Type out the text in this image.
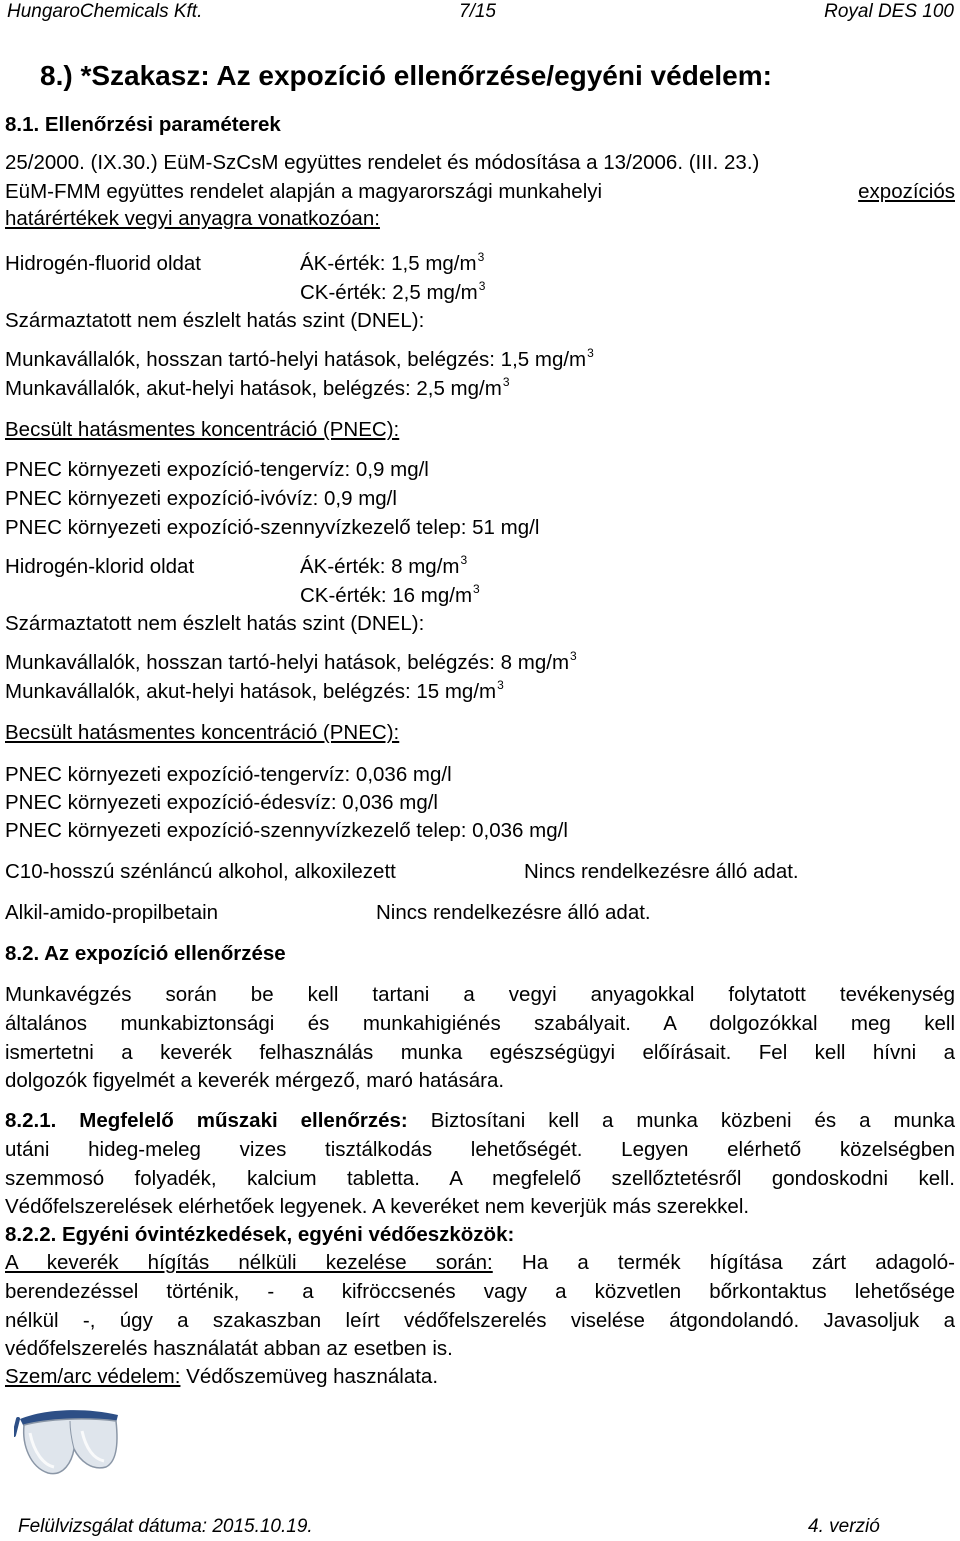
HungaroChemicals Kft.	7/15	Royal DES 100
8.) *Szakasz: Az expozíció ellenőrzése/egyéni védelem:
8.1. Ellenőrzési paraméterek
25/2000. (IX.30.) EüM-SzCsM együttes rendelet és módosítása a 13/2006. (III. 23.)
EüM-FMM együttes rendelet alapján a magyarországi munkahelyi	expozíciós
határértékek vegyi anyagra vonatkozóan:
Hidrogén-fluorid oldat	ÁK-érték: 1,5 $mg/m^3$
CK-érték: 2,5 $mg/m^3$
Származtatott nem észlelt hatás szint (DNEL):
Munkavállalók, hosszan tartó-helyi hatások, belégzés: 1,5 $mg/m^3$
Munkavállalók, akut-helyi hatások, belégzés: 2,5 $mg/m^3$
Becsült hatásmentes koncentráció (PNEC):
PNEC környezeti expozíció-tengervíz: 0,9 mg/l
PNEC környezeti expozíció-ivóvíz: 0,9 mg/l
PNEC környezeti expozíció-szennyvízkezelő telep: 51 mg/l
Hidrogén-klorid oldat	ÁK-érték: 8 $mg/m^3$
CK-érték: 16 $mg/m^3$
Származtatott nem észlelt hatás szint (DNEL):
Munkavállalók, hosszan tartó-helyi hatások, belégzés: 8 $mg/m^3$
Munkavállalók, akut-helyi hatások, belégzés: 15 $mg/m^3$
Becsült hatásmentes koncentráció (PNEC):
PNEC környezeti expozíció-tengervíz: 0,036 mg/l
PNEC környezeti expozíció-édesvíz: 0,036 mg/l
PNEC környezeti expozíció-szennyvízkezelő telep: 0,036 mg/l
C10-hosszú szénláncú alkohol, alkoxilezett	Nincs rendelkezésre álló adat.
Alkil-amido-propilbetain	Nincs rendelkezésre álló adat.
8.2. Az expozíció ellenőrzése
Munkavégzés során be kell tartani a vegyi anyagokkal folytatott tevékenység
általános munkabiztonsági és munkahigiénés szabályait. A dolgozókkal meg kell
ismertetni a keverék felhasználás munka egészségügyi előírásait. Fel kell hívni a
dolgozók figyelmét a keverék mérgező, maró hatására.
8.2.1. Megfelelő műszaki ellenőrzés: Biztosítani kell a munka közbeni és a munka
utáni hideg-meleg vizes tisztálkodás lehetőségét. Legyen elérhető közelségben
szemmosó folyadék, kalcium tabletta. A megfelelő szellőztetésről gondoskodni kell.
Védőfelszerelések elérhetőek legyenek. A keveréket nem keverjük más szerekkel.
8.2.2. Egyéni óvintézkedések, egyéni védőeszközök:
A keverék hígítás nélküli kezelése során: Ha a termék hígítása zárt adagoló-
berendezéssel történik, - a kifröccsenés vagy a közvetlen bőrkontaktus lehetősége
nélkül -, úgy a szakaszban leírt védőfelszerelés viselése átgondolandó. Javasoljuk a
védőfelszerelés használatát abban az esetben is.
Szem/arc védelem: Védőszemüveg használata.
Felülvizsgálat dátuma: 2015.10.19.	4. verzió
